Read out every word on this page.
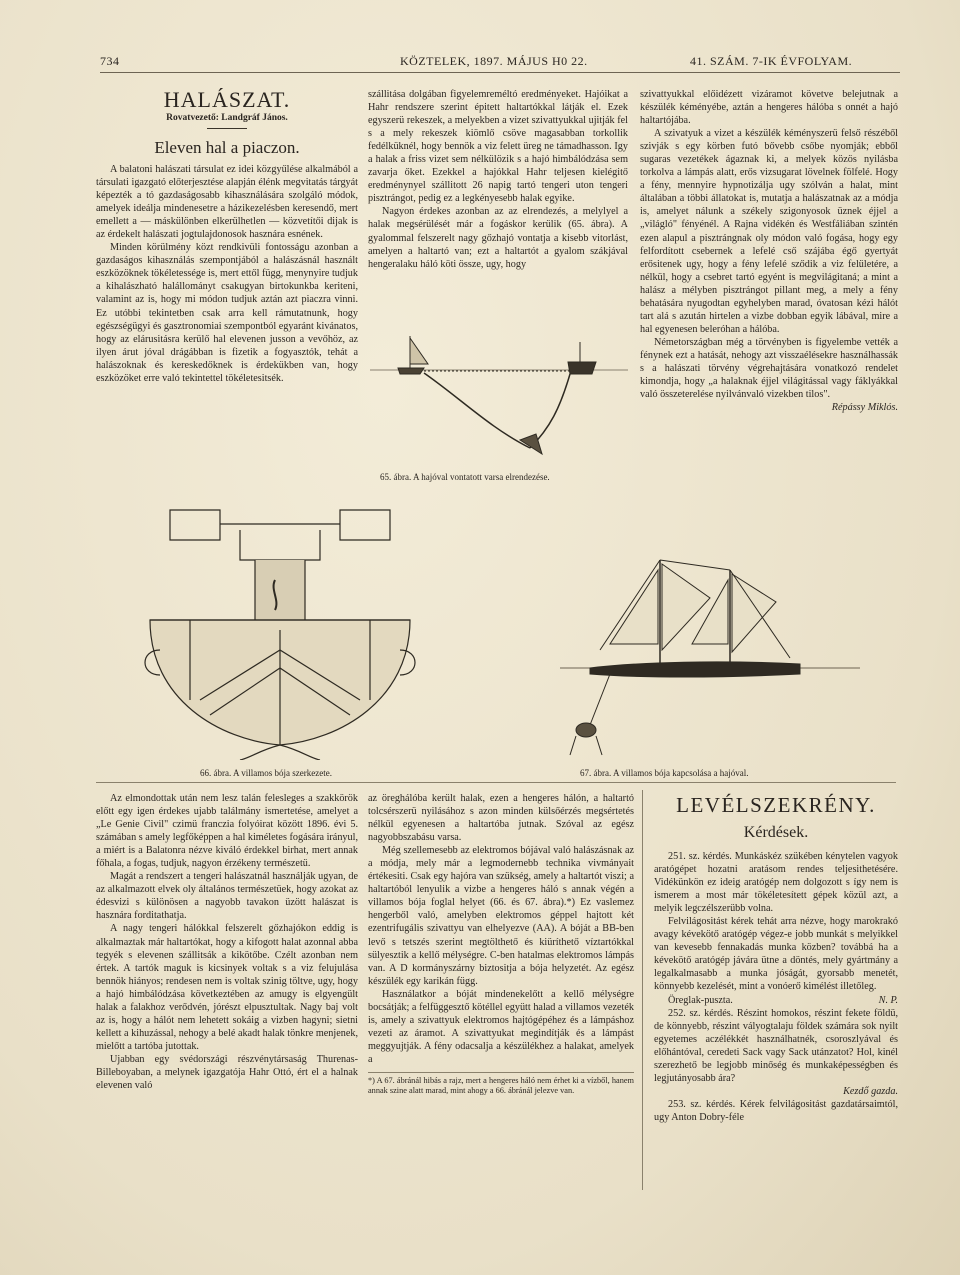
734	KÖZTELEK, 1897. MÁJUS H0 22.	41. SZÁM. 7-IK ÉVFOLYAM.
HALÁSZAT.
Rovatvezető: Landgráf János.
Eleven hal a piaczon.

A balatoni halászati társulat ez idei közgyűlése alkalmából a társulati igazgató előterjesztése alapján élénk megvitatás tárgyát képezték a tó gazdaságosabb kihasználására szolgáló módok, amelyek ideálja mindenesetre a házikezelésben keresendő, mert emellett a — máskülönben elkerülhetlen — közvetítői dijak is az érdekelt halászati jogtulajdonosok hasznára esnének.

Minden körülmény közt rendkivüli fontosságu azonban a gazdaságos kihasználás szempontjából a halászásnál használt eszközöknek tökéletessége is, mert ettől függ, menynyire tudjuk a kihalászható halállományt csakugyan birtokunkba keriteni, valamint az is, hogy mi módon tudjuk aztán azt piaczra vinni. Ez utóbbi tekintetben csak arra kell rámutatnunk, hogy egészségügyi és gasztronomiai szempontból egyaránt kivánatos, hogy az elárusitásra kerülő hal elevenen jusson a vevőhöz, az ilyen árut jóval drágábban is fizetik a fogyasztók, tehát a halászoknak és kereskedőknek is érdekükben van, hogy eszközöket erre való tekintettel tökéletesitsék.

szállitása dolgában figyelemreméltó eredményeket. Hajóikat a Hahr rendszere szerint épitett haltartókkal látják el. Ezek egyszerü rekeszek, a melyekben a vizet szivattyukkal ujitják fel s a mely rekeszek kiömlő csöve magasabban torkollik fedélküknél, hogy bennök a viz felett üreg ne támadhasson. Igy a halak a friss vizet sem nélkülözik s a hajó himbálódzása sem zavarja őket. Ezekkel a hajókkal Hahr teljesen kielégitő eredménynyel szállitott 26 napig tartó tengeri uton tengeri pisztrángot, pedig ez a legkényesebb halak egyike.

Nagyon érdekes azonban az az elrendezés, a melylyel a halak megsérülését már a fogáskor kerülik (65. ábra). A gyalommal felszerelt nagy gőzhajó vontatja a kisebb vitorlást, amelyen a haltartó van; ezt a haltartót a gyalom szákjával hengeralaku háló köti össze, ugy, hogy

65. ábra. A hajóval vontatott varsa elrendezése.

szivattyukkal előidézett vizáramot követve belejutnak a készülék kéményébe, aztán a hengeres hálóba s onnét a hajó haltartójába.

A szivatyuk a vizet a készülék kéményszerü felső részéből szivják s egy körben futó bővebb csőbe nyomják; ebből sugaras vezetékek ágaznak ki, a melyek közös nyilásba torkolva a lámpás alatt, erős vizsugarat lövelnek fölfelé. Hogy a fény, mennyire hypnotizálja ugy szólván a halat, mint általában a többi állatokat is, mutatja a halászatnak az a módja is, amelyet nálunk a székely szigonyosok üznek éjjel a „világló" fényénél. A Rajna vidékén és Westfáliában szintén ezen alapul a pisztrángnak oly módon való fogása, hogy egy felfordított csebernek a lefelé cső szájába égő gyertyát erősitenek ugy, hogy a fény lefelé sződik a viz felületére, a nélkül, hogy a csebret tartó egyént is megvilágitaná; a mint a halász a mélyben pisztrángot pillant meg, a mely a fény behatására nyugodtan egyhelyben marad, óvatosan kézi hálót tart alá s azután hirtelen a vizbe dobban egyik lábával, mire a hal egyenesen beleróhan a hálóba.

Németországban még a törvényben is figyelembe vették a fénynek ezt a hatását, nehogy azt visszaélésekre használhassák s a halászati törvény végrehajtására vonatkozó rendelet kimondja, hogy „a halaknak éjjel világitással vagy fáklyákkal való összeterelése nyilvánvaló vizekben tilos".

Répássy Miklós.
66. ábra. A villamos bója szerkezete.	67. ábra. A villamos bója kapcsolása a hajóval.

Az elmondottak után nem lesz talán felesleges a szakkörök előtt egy igen érdekes ujabb találmány ismertetése, amelyet a „Le Genie Civil" czimü franczia folyóirat között 1896. évi 5. számában s amely legfőképpen a hal kiméletes fogására irányul, a miért is a Balatonra nézve kiváló érdekkel birhat, mert annak főhala, a fogas, tudjuk, nagyon érzékeny természetü.

Magát a rendszert a tengeri halászatnál használják ugyan, de az alkalmazott elvek oly általános természetüek, hogy azokat az édesvizi s különösen a nagyobb tavakon üzött halászat is hasznára forditathatja.

A nagy tengeri hálókkal felszerelt gőzhajókon eddig is alkalmaztak már haltartókat, hogy a kifogott halat azonnal abba tegyék s elevenen szállitsák a kikötőbe. Czélt azonban nem értek. A tartók maguk is kicsinyek voltak s a viz felujulása bennök hiányos; rendesen nem is voltak szinig töltve, ugy, hogy a hajó himbálódzása következtében az amugy is elgyengült halak a falakhoz verődvén, jórészt elpusztultak. Nagy baj volt az is, hogy a hálót nem lehetett sokáig a vizben hagyni; sietni kellett a kihuzással, nehogy a belé akadt halak tönkre menjenek, mielőtt a tartóba jutottak.

Ujabban egy svédországi részvénytársaság Thurenas-Billeboyaban, a melynek igazgatója Hahr Ottó, ért el a halnak elevenen való

az öreghálóba került halak, ezen a hengeres hálón, a haltartó tolcsérszerü nyilásához s azon minden külsőérzés megsértetés nélkül egyenesen a haltartóba jutnak. Szóval az egész nagyobbszabásu varsa.

Még szellemesebb az elektromos bójával való halászásnak az a módja, mely már a legmodernebb technika vivmányait értékesiti. Csak egy hajóra van szükség, amely a haltartót viszi; a haltartóból lenyulik a vizbe a hengeres háló s annak végén a villamos bója foglal helyet (66. és 67. ábra).*) Ez vaslemez hengerből való, amelyben elektromos géppel hajtott két ezentrifugális szivattyu van elhelyezve (AA). A bóját a BB-ben levő s tetszés szerint megtölthető és kiüríthető víztartókkal sülyesztik a kellő mélységre. C-ben hatalmas elektromos lámpás van. A D kormányszárny biztositja a bója helyzetét. Az egész készülék egy karikán függ.

Használatkor a bóját mindenekelőtt a kellő mélységre bocsátják; a felfüggesztő kötéllel együtt halad a villamos vezeték is, amely a szivattyuk elektromos hajtógépéhez és a lámpáshoz vezeti az áramot. A szivattyukat megindítják és a lámpást meggyujtják. A fény odacsalja a készülékhez a halakat, amelyek a

*) A 67. ábránál hibás a rajz, mert a hengeres háló nem érhet ki a vízből, hanem annak szine alatt marad, mint ahogy a 66. ábránál jelezve van.
LEVÉLSZEKRÉNY.
Kérdések.

251. sz. kérdés. Munkáskéz szükében kénytelen vagyok aratógépet hozatni aratásom rendes teljesithetésére. Vidékünkön ez ideig aratógép nem dolgozott s így nem is ismerem a most már tökéletesített gépek közül azt, a melyik legczélszerübb volna.

Felvilágositást kérek tehát arra nézve, hogy marokrakó avagy kévekötő aratógép végez-e jobb munkát s melyikkel van kevesebb fennakadás munka közben? továbbá ha a kévekötő aratógép jávára ütne a döntés, mely gyártmány a legalkalmasabb a munka jóságát, gyorsabb menetét, könnyebb kezelését, mint a vonóerő kimélést illetőleg.

Öreglak-puszta.	N. P.

252. sz. kérdés. Részint homokos, részint fekete földü, de könnyebb, részint vályogtalaju földek számára sok nyilt egyetemes aczélékkét használhatnék, csoroszlyával és előhántóval, ceredeti Sack vagy Sack utánzatot? Hol, kinél szerezhető be legjobb minőség és munkaképességben és legjutányosabb ára?

Kezdő gazda.

253. sz. kérdés. Kérek felvilágositást gazdatársaimtól, ugy Anton Dobry-féle
